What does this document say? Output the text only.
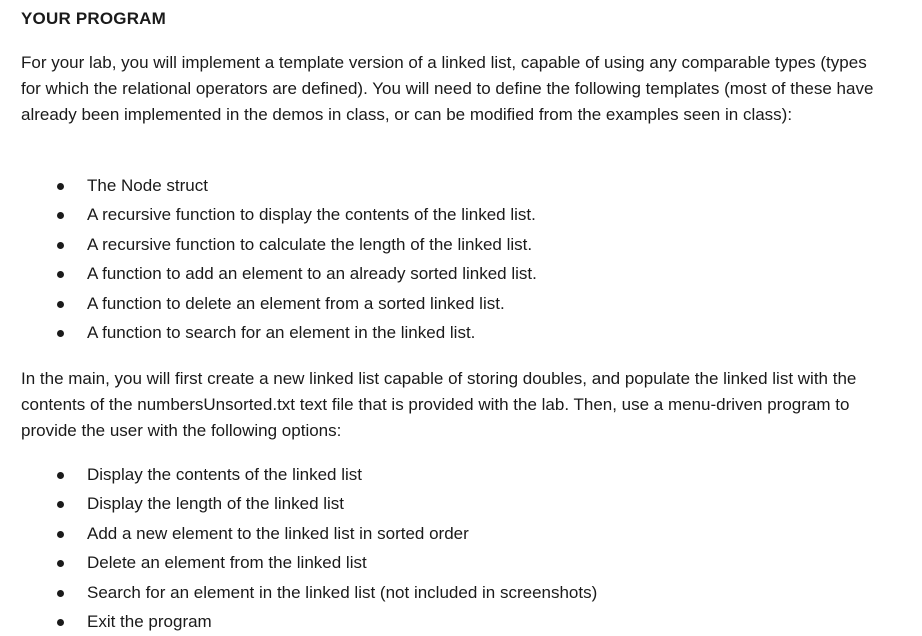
YOUR PROGRAM

For your lab, you will implement a template version of a linked list, capable of using any comparable types (types for which the relational operators are defined). You will need to define the following templates (most of these have already been implemented in the demos in class, or can be modified from the examples seen in class):

The Node struct
A recursive function to display the contents of the linked list.
A recursive function to calculate the length of the linked list.
A function to add an element to an already sorted linked list.
A function to delete an element from a sorted linked list.
A function to search for an element in the linked list.

In the main, you will first create a new linked list capable of storing doubles, and populate the linked list with the contents of the numbersUnsorted.txt text file that is provided with the lab. Then, use a menu-driven program to provide the user with the following options:

Display the contents of the linked list
Display the length of the linked list
Add a new element to the linked list in sorted order
Delete an element from the linked list
Search for an element in the linked list (not included in screenshots)
Exit the program
